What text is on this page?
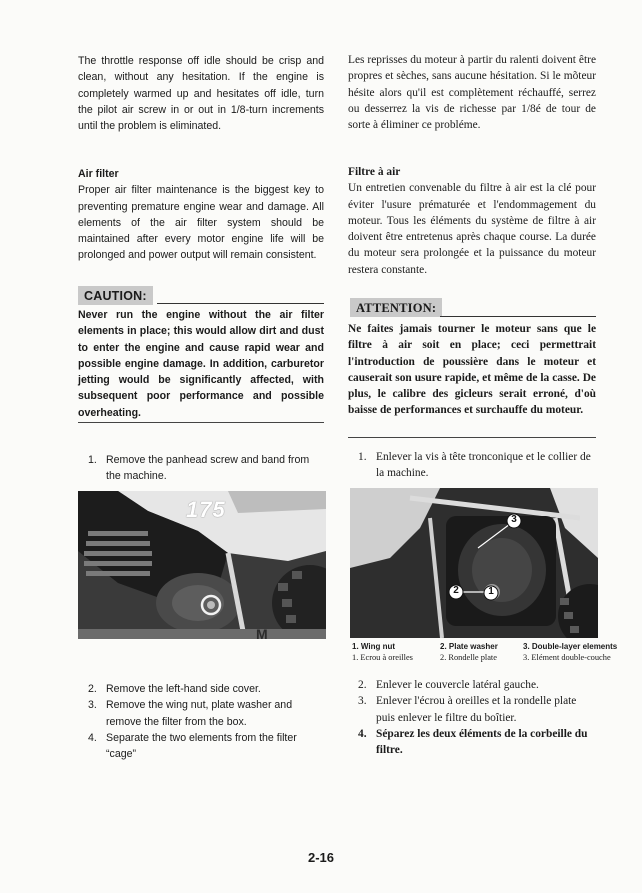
The throttle response off idle should be crisp and clean, without any hesitation. If the engine is completely warmed up and hesitates off idle, turn the pilot air screw in or out in 1/8-turn increments until the problem is eliminated.

Air filter

Proper air filter maintenance is the biggest key to preventing premature engine wear and damage. All elements of the air filter system should be maintained after every motor engine life will be prolonged and power output will remain consistent.

CAUTION:

Never run the engine without the air filter elements in place; this would allow dirt and dust to enter the engine and cause rapid wear and possible engine damage. In addition, carburetor jetting would be significantly affected, with subsequent poor performance and possible overheating.

1. Remove the panhead screw and band from the machine.
M
175
2. Remove the left-hand side cover.
3. Remove the wing nut, plate washer and remove the filter from the box.
4. Separate the two elements from the filter “cage”

Les reprisses du moteur à partir du ralenti doivent être propres et sèches, sans aucune hésitation. Si le mõteur hésite alors qu'il est complètement réchauffé, serrez ou desserrez la vis de richesse par 1/8é de tour de sorte à éliminer ce probléme.

Filtre à air

Un entretien convenable du filtre à air est la clé pour éviter l'usure prématurée et l'endommagement du moteur. Tous les éléments du système de filtre à air doivent être entretenus après chaque course. La durée du moteur sera prolongée et la puissance du moteur restera constante.

ATTENTION:

Ne faites jamais tourner le moteur sans que le filtre à air soit en place; ceci permettrait l'introduction de poussière dans le moteur et causerait son usure rapide, et même de la casse. De plus, le calibre des gicleurs serait erroné, d'où baisse de performances et surchauffe du moteur.

1. Enlever la vis à tête tronconique et le collier de la machine.
3
2	1
1. Wing nut	2. Plate washer	3. Double-layer elements
1. Ecrou à oreilles	2. Rondelle plate	3. Elément double-couche
2. Enlever le couvercle latéral gauche.
3. Enlever l'écrou à oreilles et la rondelle plate puis enlever le filtre du boîtier.
4. Séparez les deux éléments de la corbeille du filtre.
2-16
